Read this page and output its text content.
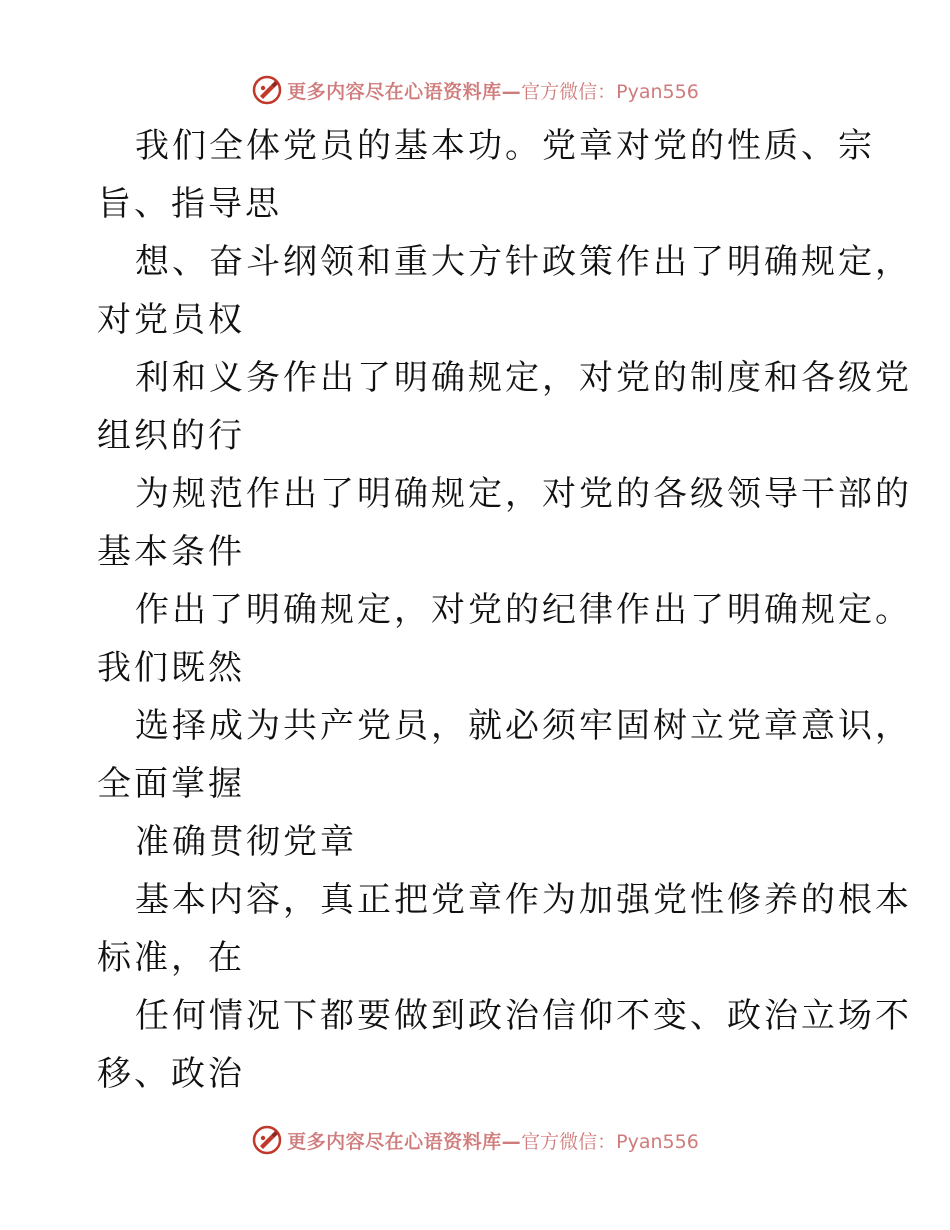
更多内容尽在心语资料库— 官方微信：Pyan556
我们全体党员的基本功。党章对党的性质、宗
旨、指导思
想、奋斗纲领和重大方针政策作出了明确规定，
对党员权
利和义务作出了明确规定，对党的制度和各级党
组织的行
为规范作出了明确规定，对党的各级领导干部的
基本条件
作出了明确规定，对党的纪律作出了明确规定。
我们既然
选择成为共产党员，就必须牢固树立党章意识，
全面掌握
准确贯彻党章
基本内容，真正把党章作为加强党性修养的根本
标准，在
任何情况下都要做到政治信仰不变、政治立场不
移、政治
更多内容尽在心语资料库— 官方微信：Pyan556
